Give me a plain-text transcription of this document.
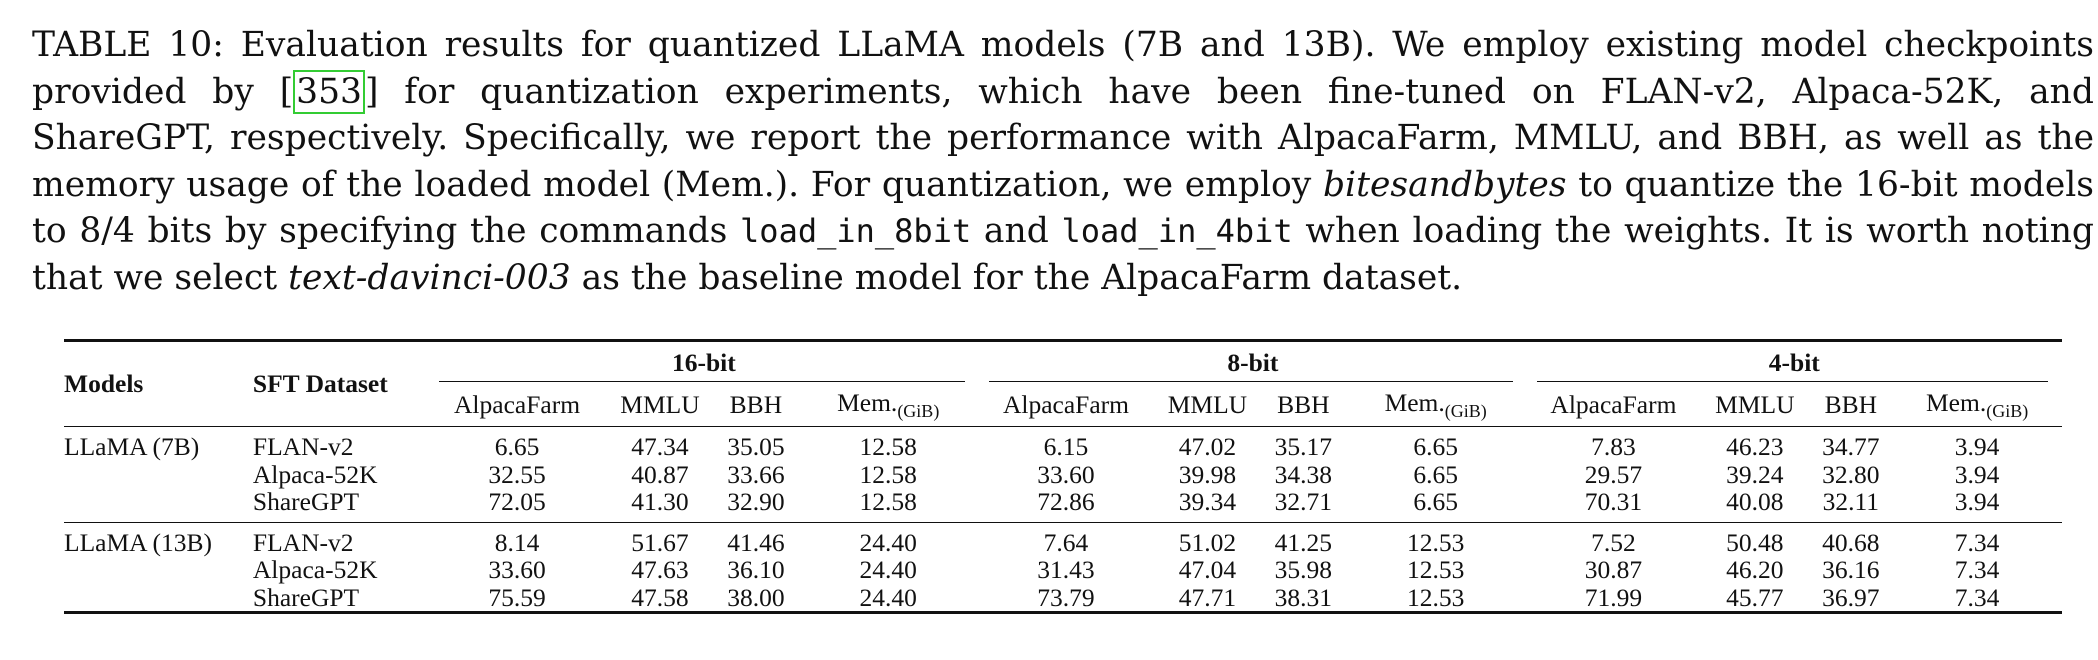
TABLE 10: Evaluation results for quantized LLaMA models (7B and 13B). We employ existing model checkpoints provided by [353] for quantization experiments, which have been fine-tuned on FLAN-v2, Alpaca-52K, and ShareGPT, respectively. Specifically, we report the performance with AlpacaFarm, MMLU, and BBH, as well as the memory usage of the loaded model (Mem.). For quantization, we employ bitesandbytes to quantize the 16-bit models to 8/4 bits by specifying the commands load_in_8bit and load_in_4bit when loading the weights. It is worth noting that we select text-davinci-003 as the baseline model for the AlpacaFarm dataset.

Models	SFT Dataset	16-bit				8-bit				4-bit			
		AlpacaFarm	MMLU	BBH	$Mem._{(GiB)}$	AlpacaFarm	MMLU	BBH	$Mem._{(GiB)}$	AlpacaFarm	MMLU	BBH	$Mem._{(GiB)}$

LLaMA (7B)	FLAN-v2	6.65	47.34	35.05	12.58	6.15	47.02	35.17	6.65	7.83	46.23	34.77	3.94
	Alpaca-52K	32.55	40.87	33.66	12.58	33.60	39.98	34.38	6.65	29.57	39.24	32.80	3.94
	ShareGPT	72.05	41.30	32.90	12.58	72.86	39.34	32.71	6.65	70.31	40.08	32.11	3.94

LLaMA (13B)	FLAN-v2	8.14	51.67	41.46	24.40	7.64	51.02	41.25	12.53	7.52	50.48	40.68	7.34
	Alpaca-52K	33.60	47.63	36.10	24.40	31.43	47.04	35.98	12.53	30.87	46.20	36.16	7.34
	ShareGPT	75.59	47.58	38.00	24.40	73.79	47.71	38.31	12.53	71.99	45.77	36.97	7.34
